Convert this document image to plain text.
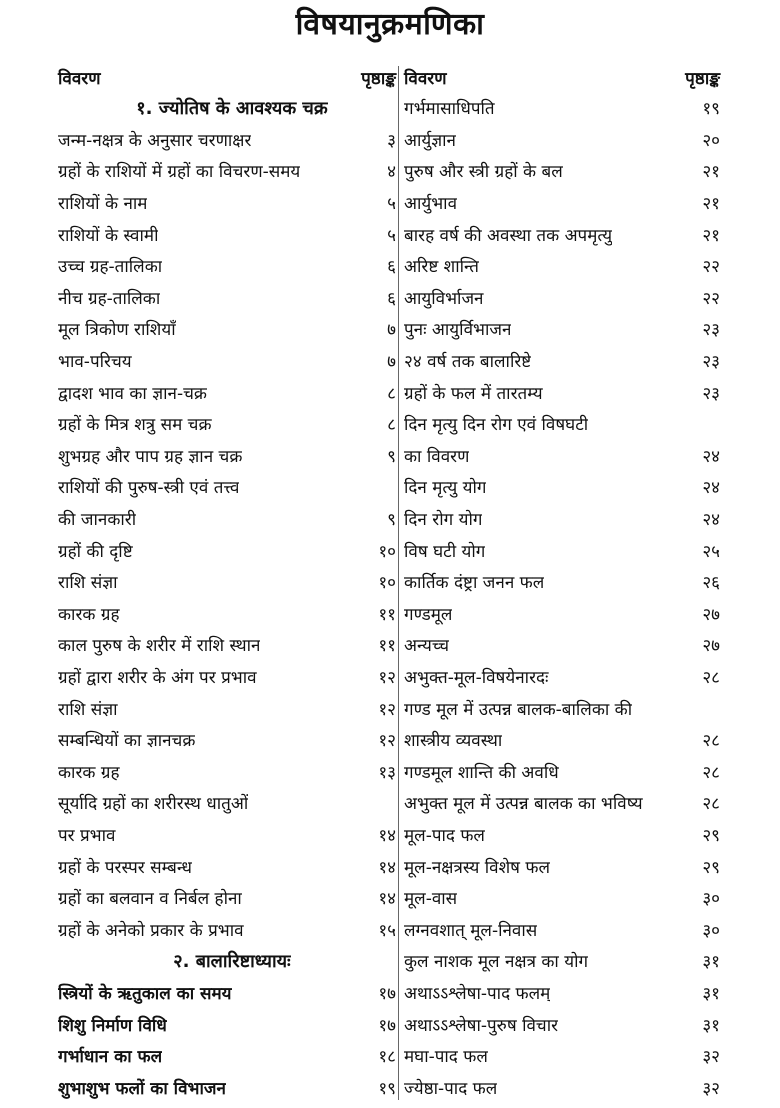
विषयानुक्रमणिका
विवरण	पृष्ठाङ्क
१. ज्योतिष के आवश्यक चक्र
जन्म-नक्षत्र के अनुसार चरणाक्षर	३
ग्रहों के राशियों में ग्रहों का विचरण-समय	४
राशियों के नाम	५
राशियों के स्वामी	५
उच्च ग्रह-तालिका	६
नीच ग्रह-तालिका	६
मूल त्रिकोण राशियाँ	७
भाव-परिचय	७
द्वादश भाव का ज्ञान-चक्र	८
ग्रहों के मित्र शत्रु सम चक्र	८
शुभग्रह और पाप ग्रह ज्ञान चक्र	९
राशियों की पुरुष-स्त्री एवं तत्त्व
की जानकारी	९
ग्रहों की दृष्टि	१०
राशि संज्ञा	१०
कारक ग्रह	११
काल पुरुष के शरीर में राशि स्थान	११
ग्रहों द्वारा शरीर के अंग पर प्रभाव	१२
राशि संज्ञा	१२
सम्बन्धियों का ज्ञानचक्र	१२
कारक ग्रह	१३
सूर्यादि ग्रहों का शरीरस्थ धातुओं
पर प्रभाव	१४
ग्रहों के परस्पर सम्बन्ध	१४
ग्रहों का बलवान व निर्बल होना	१४
ग्रहों के अनेको प्रकार के प्रभाव	१५
२. बालारिष्टाध्यायः
स्त्रियों के ऋतुकाल का समय	१७
शिशु निर्माण विधि	१७
गर्भाधान का फल	१८
शुभाशुभ फलों का विभाजन	१९
विवरण	पृष्ठाङ्क
गर्भमासाधिपति	१९
आर्युज्ञान	२०
पुरुष और स्त्री ग्रहों के बल	२१
आर्युभाव	२१
बारह वर्ष की अवस्था तक अपमृत्यु	२१
अरिष्ट शान्ति	२२
आयुविर्भाजन	२२
पुनः आयुर्विभाजन	२३
२४ वर्ष तक बालारिष्टे	२३
ग्रहों के फल में तारतम्य	२३
दिन मृत्यु दिन रोग एवं विषघटी
का विवरण	२४
दिन मृत्यु योग	२४
दिन रोग योग	२४
विष घटी योग	२५
कार्तिक दंष्ट्रा जनन फल	२६
गण्डमूल	२७
अन्यच्च	२७
अभुक्त-मूल-विषयेनारदः	२८
गण्ड मूल में उत्पन्न बालक-बालिका की
शास्त्रीय व्यवस्था	२८
गण्डमूल शान्ति की अवधि	२८
अभुक्त मूल में उत्पन्न बालक का भविष्य	२८
मूल-पाद फल	२९
मूल-नक्षत्रस्य विशेष फल	२९
मूल-वास	३०
लग्नवशात् मूल-निवास	३०
कुल नाशक मूल नक्षत्र का योग	३१
अथाऽऽश्लेषा-पाद फलम्	३१
अथाऽऽश्लेषा-पुरुष विचार	३१
मघा-पाद फल	३२
ज्येष्ठा-पाद फल	३२
